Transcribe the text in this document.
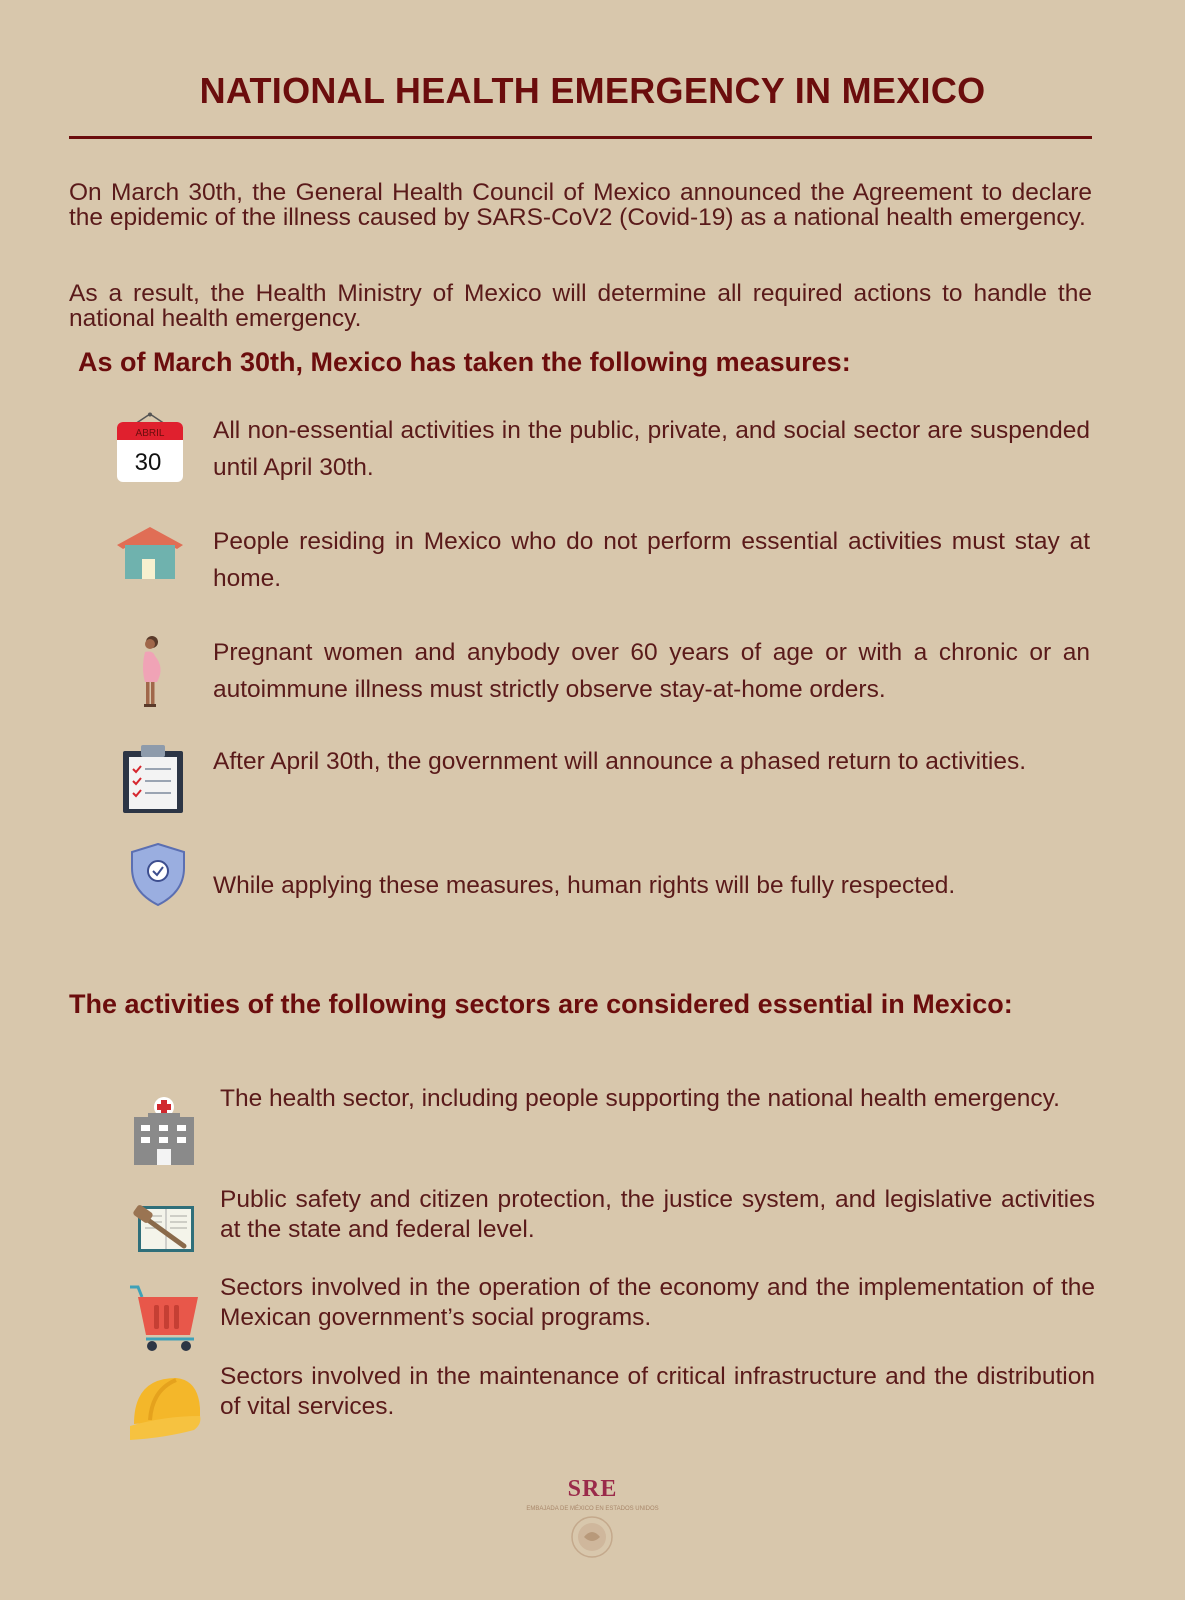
NATIONAL HEALTH EMERGENCY IN MEXICO

On March 30th, the General Health Council of Mexico announced the Agreement to declare the epidemic of the illness caused by SARS-CoV2 (Covid-19) as a national health emergency.

As a result, the Health Ministry of Mexico will determine all required actions to handle the national health emergency.

As of March 30th, Mexico has taken the following measures:
ABRIL
30

All non-essential activities in the public, private, and social sector are suspended until April 30th.

People residing in Mexico who do not perform essential activities must stay at home.

Pregnant women and anybody over 60 years of age or with a chronic or an autoimmune illness must strictly observe stay-at-home orders.

After April 30th, the government will announce a phased return to activities.

While applying these measures, human rights will be fully respected.

The activities of the following sectors are considered essential in Mexico:

The health sector, including people supporting the national health emergency.

Public safety and citizen protection, the justice system, and legislative activities at the state and federal level.

Sectors involved in the operation of the economy and the implementation of the Mexican government’s social programs.

Sectors involved in the maintenance of critical infrastructure and the distribution of vital services.

SRE
EMBAJADA DE MÉXICO EN ESTADOS UNIDOS
